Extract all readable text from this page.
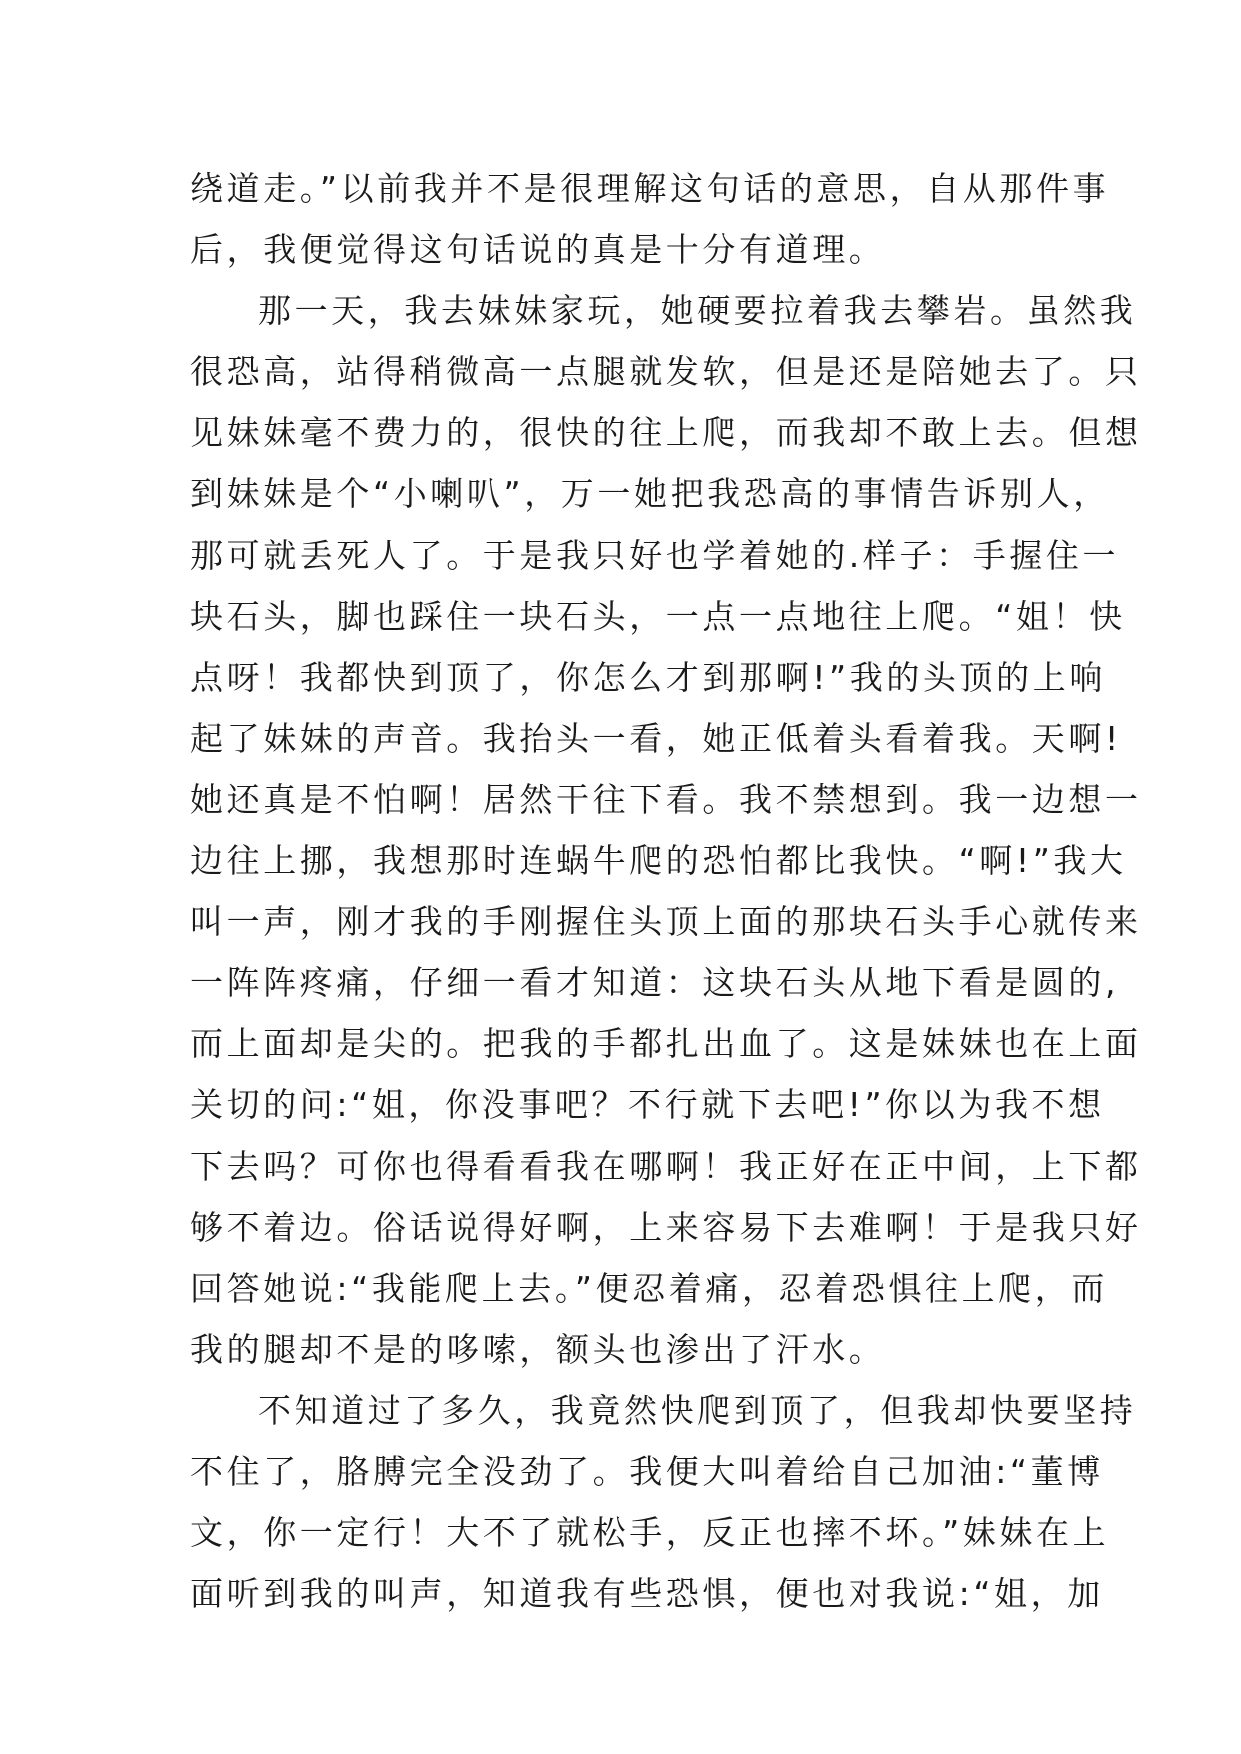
绕道走。”以前我并不是很理解这句话的意思，自从那件事
后，我便觉得这句话说的真是十分有道理。
那一天，我去妹妹家玩，她硬要拉着我去攀岩。虽然我
很恐高，站得稍微高一点腿就发软，但是还是陪她去了。只
见妹妹毫不费力的，很快的往上爬，而我却不敢上去。但想
到妹妹是个“小喇叭”，万一她把我恐高的事情告诉别人，
那可就丢死人了。于是我只好也学着她的.样子：手握住一
块石头，脚也踩住一块石头，一点一点地往上爬。“姐！快
点呀！我都快到顶了，你怎么才到那啊!”我的头顶的上响
起了妹妹的声音。我抬头一看，她正低着头看着我。天啊!
她还真是不怕啊！居然干往下看。我不禁想到。我一边想一
边往上挪，我想那时连蜗牛爬的恐怕都比我快。“啊!”我大
叫一声，刚才我的手刚握住头顶上面的那块石头手心就传来
一阵阵疼痛，仔细一看才知道：这块石头从地下看是圆的,
而上面却是尖的。把我的手都扎出血了。这是妹妹也在上面
关切的问:“姐，你没事吧？不行就下去吧!”你以为我不想
下去吗？可你也得看看我在哪啊！我正好在正中间，上下都
够不着边。俗话说得好啊，上来容易下去难啊！于是我只好
回答她说:“我能爬上去。”便忍着痛，忍着恐惧往上爬，而
我的腿却不是的哆嗦，额头也渗出了汗水。
不知道过了多久，我竟然快爬到顶了，但我却快要坚持
不住了，胳膊完全没劲了。我便大叫着给自己加油:“董博
文，你一定行！大不了就松手，反正也摔不坏。”妹妹在上
面听到我的叫声，知道我有些恐惧，便也对我说:“姐，加
